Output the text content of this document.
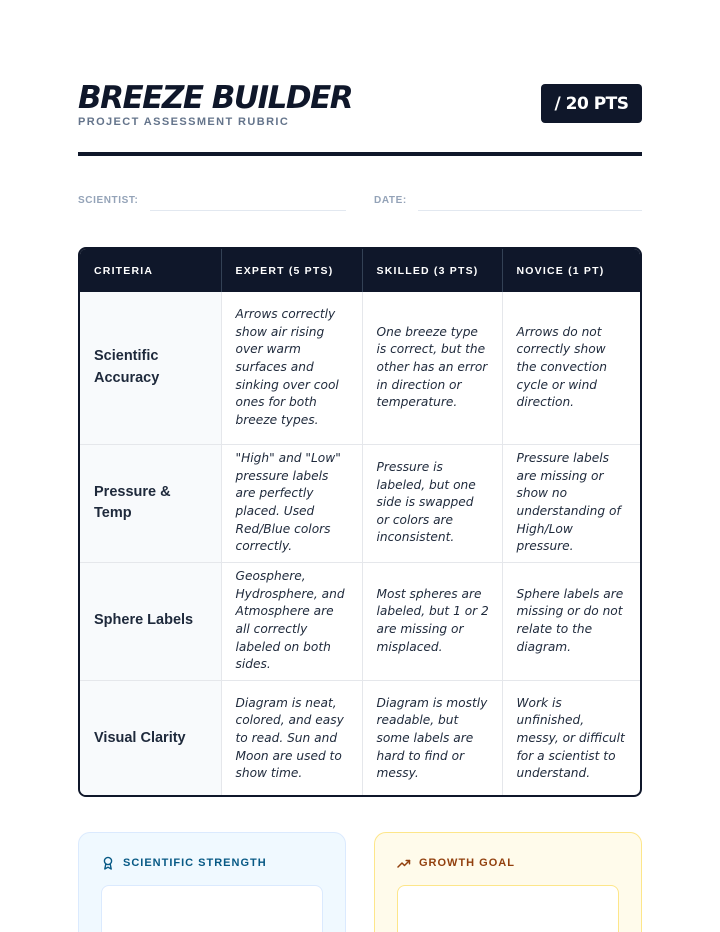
BREEZE BUILDER
PROJECT ASSESSMENT RUBRIC
/ 20 PTS
SCIENTIST:	DATE:
CRITERIA	EXPERT (5 PTS)	SKILLED (3 PTS)	NOVICE (1 PT)

Scientific Accuracy	Arrows correctly show air rising over warm surfaces and sinking over cool ones for both breeze types.	One breeze type is correct, but the other has an error in direction or temperature.	Arrows do not correctly show the convection cycle or wind direction.

Pressure & Temp	"High" and "Low" pressure labels are perfectly placed. Used Red/Blue colors correctly.	Pressure is labeled, but one side is swapped or colors are inconsistent.	Pressure labels are missing or show no understanding of High/Low pressure.

Sphere Labels	Geosphere, Hydrosphere, and Atmosphere are all correctly labeled on both sides.	Most spheres are labeled, but 1 or 2 are missing or misplaced.	Sphere labels are missing or do not relate to the diagram.

Visual Clarity	Diagram is neat, colored, and easy to read. Sun and Moon are used to show time.	Diagram is mostly readable, but some labels are hard to find or messy.	Work is unfinished, messy, or difficult for a scientist to understand.
SCIENTIFIC STRENGTH	GROWTH GOAL
